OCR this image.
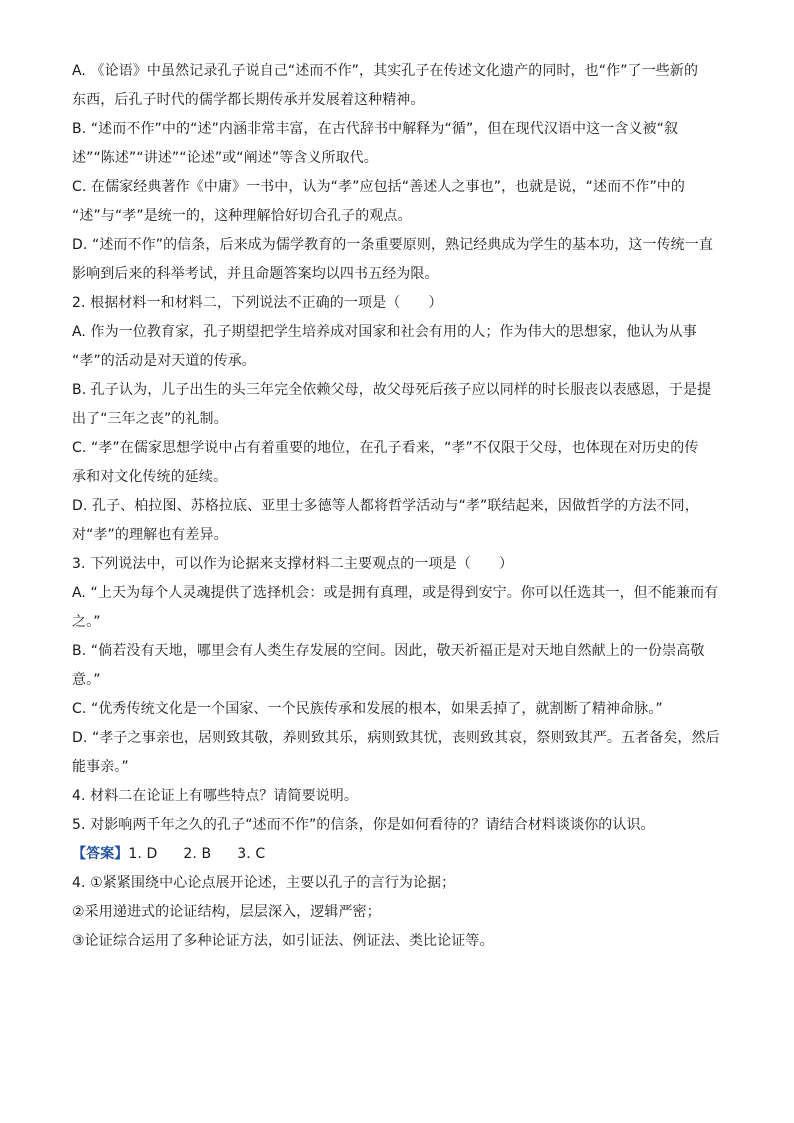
A. 《论语》中虽然记录孔子说自己“述而不作”，其实孔子在传述文化遗产的同时，也“作”了一些新的
东西，后孔子时代的儒学都长期传承并发展着这种精神。
B. “述而不作”中的“述”内涵非常丰富，在古代辞书中解释为“循”，但在现代汉语中这一含义被“叙
述”“陈述”“讲述”“论述”或“阐述”等含义所取代。
C. 在儒家经典著作《中庸》一书中，认为“孝”应包括“善述人之事也”，也就是说，“述而不作”中的
“述”与“孝”是统一的，这种理解恰好切合孔子的观点。
D. “述而不作”的信条，后来成为儒学教育的一条重要原则，熟记经典成为学生的基本功，这一传统一直
影响到后来的科举考试，并且命题答案均以四书五经为限。
2. 根据材料一和材料二，下列说法不正确的一项是（　　）
A. 作为一位教育家，孔子期望把学生培养成对国家和社会有用的人；作为伟大的思想家，他认为从事
“孝”的活动是对天道的传承。
B. 孔子认为，儿子出生的头三年完全依赖父母，故父母死后孩子应以同样的时长服丧以表感恩，于是提
出了“三年之丧”的礼制。
C. “孝”在儒家思想学说中占有着重要的地位，在孔子看来，“孝”不仅限于父母，也体现在对历史的传
承和对文化传统的延续。
D. 孔子、柏拉图、苏格拉底、亚里士多德等人都将哲学活动与“孝”联结起来，因做哲学的方法不同，
对“孝”的理解也有差异。
3. 下列说法中，可以作为论据来支撑材料二主要观点的一项是（　　）
A. “上天为每个人灵魂提供了选择机会：或是拥有真理，或是得到安宁。你可以任选其一，但不能兼而有
之。”
B. “倘若没有天地，哪里会有人类生存发展的空间。因此，敬天祈福正是对天地自然献上的一份崇高敬
意。”
C. “优秀传统文化是一个国家、一个民族传承和发展的根本，如果丢掉了，就割断了精神命脉。”
D. “孝子之事亲也，居则致其敬，养则致其乐，病则致其忧，丧则致其哀，祭则致其严。五者备矣，然后
能事亲。”
4. 材料二在论证上有哪些特点？请简要说明。
5. 对影响两千年之久的孔子“述而不作”的信条，你是如何看待的？请结合材料谈谈你的认识。
【答案】1. D 2. B 3. C
4. ①紧紧围绕中心论点展开论述，主要以孔子的言行为论据；
②采用递进式的论证结构，层层深入，逻辑严密；
③论证综合运用了多种论证方法，如引证法、例证法、类比论证等。
